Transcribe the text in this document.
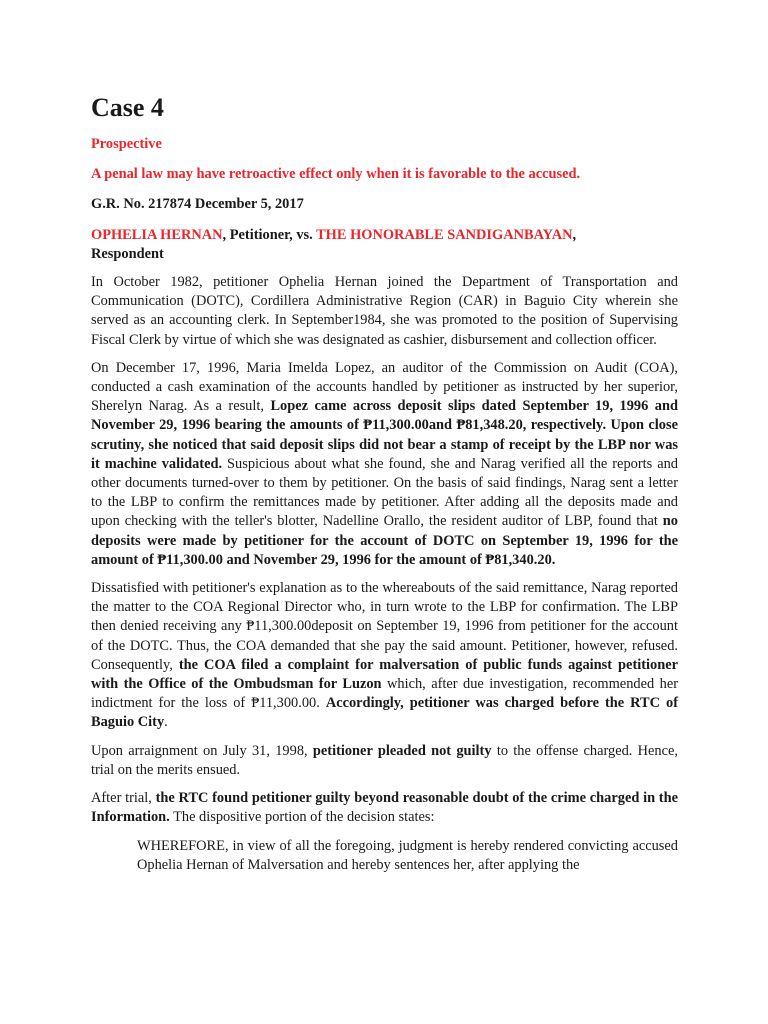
Case 4
Prospective
A penal law may have retroactive effect only when it is favorable to the accused.
G.R. No. 217874 December 5, 2017
OPHELIA HERNAN, Petitioner, vs. THE HONORABLE SANDIGANBAYAN,
Respondent

In October 1982, petitioner Ophelia Hernan joined the Department of Transportation and Communication (DOTC), Cordillera Administrative Region (CAR) in Baguio City wherein she served as an accounting clerk. In September1984, she was promoted to the position of Supervising Fiscal Clerk by virtue of which she was designated as cashier, disbursement and collection officer.

On December 17, 1996, Maria Imelda Lopez, an auditor of the Commission on Audit (COA), conducted a cash examination of the accounts handled by petitioner as instructed by her superior, Sherelyn Narag. As a result, Lopez came across deposit slips dated September 19, 1996 and November 29, 1996 bearing the amounts of ₱11,300.00and ₱81,348.20, respectively. Upon close scrutiny, she noticed that said deposit slips did not bear a stamp of receipt by the LBP nor was it machine validated. Suspicious about what she found, she and Narag verified all the reports and other documents turned-over to them by petitioner. On the basis of said findings, Narag sent a letter to the LBP to confirm the remittances made by petitioner. After adding all the deposits made and upon checking with the teller's blotter, Nadelline Orallo, the resident auditor of LBP, found that no deposits were made by petitioner for the account of DOTC on September 19, 1996 for the amount of ₱11,300.00 and November 29, 1996 for the amount of ₱81,340.20.

Dissatisfied with petitioner's explanation as to the whereabouts of the said remittance, Narag reported the matter to the COA Regional Director who, in turn wrote to the LBP for confirmation. The LBP then denied receiving any ₱11,300.00deposit on September 19, 1996 from petitioner for the account of the DOTC. Thus, the COA demanded that she pay the said amount. Petitioner, however, refused. Consequently, the COA filed a complaint for malversation of public funds against petitioner with the Office of the Ombudsman for Luzon which, after due investigation, recommended her indictment for the loss of ₱11,300.00. Accordingly, petitioner was charged before the RTC of Baguio City.

Upon arraignment on July 31, 1998, petitioner pleaded not guilty to the offense charged. Hence, trial on the merits ensued.

After trial, the RTC found petitioner guilty beyond reasonable doubt of the crime charged in the Information. The dispositive portion of the decision states:

WHEREFORE, in view of all the foregoing, judgment is hereby rendered convicting accused Ophelia Hernan of Malversation and hereby sentences her, after applying the
